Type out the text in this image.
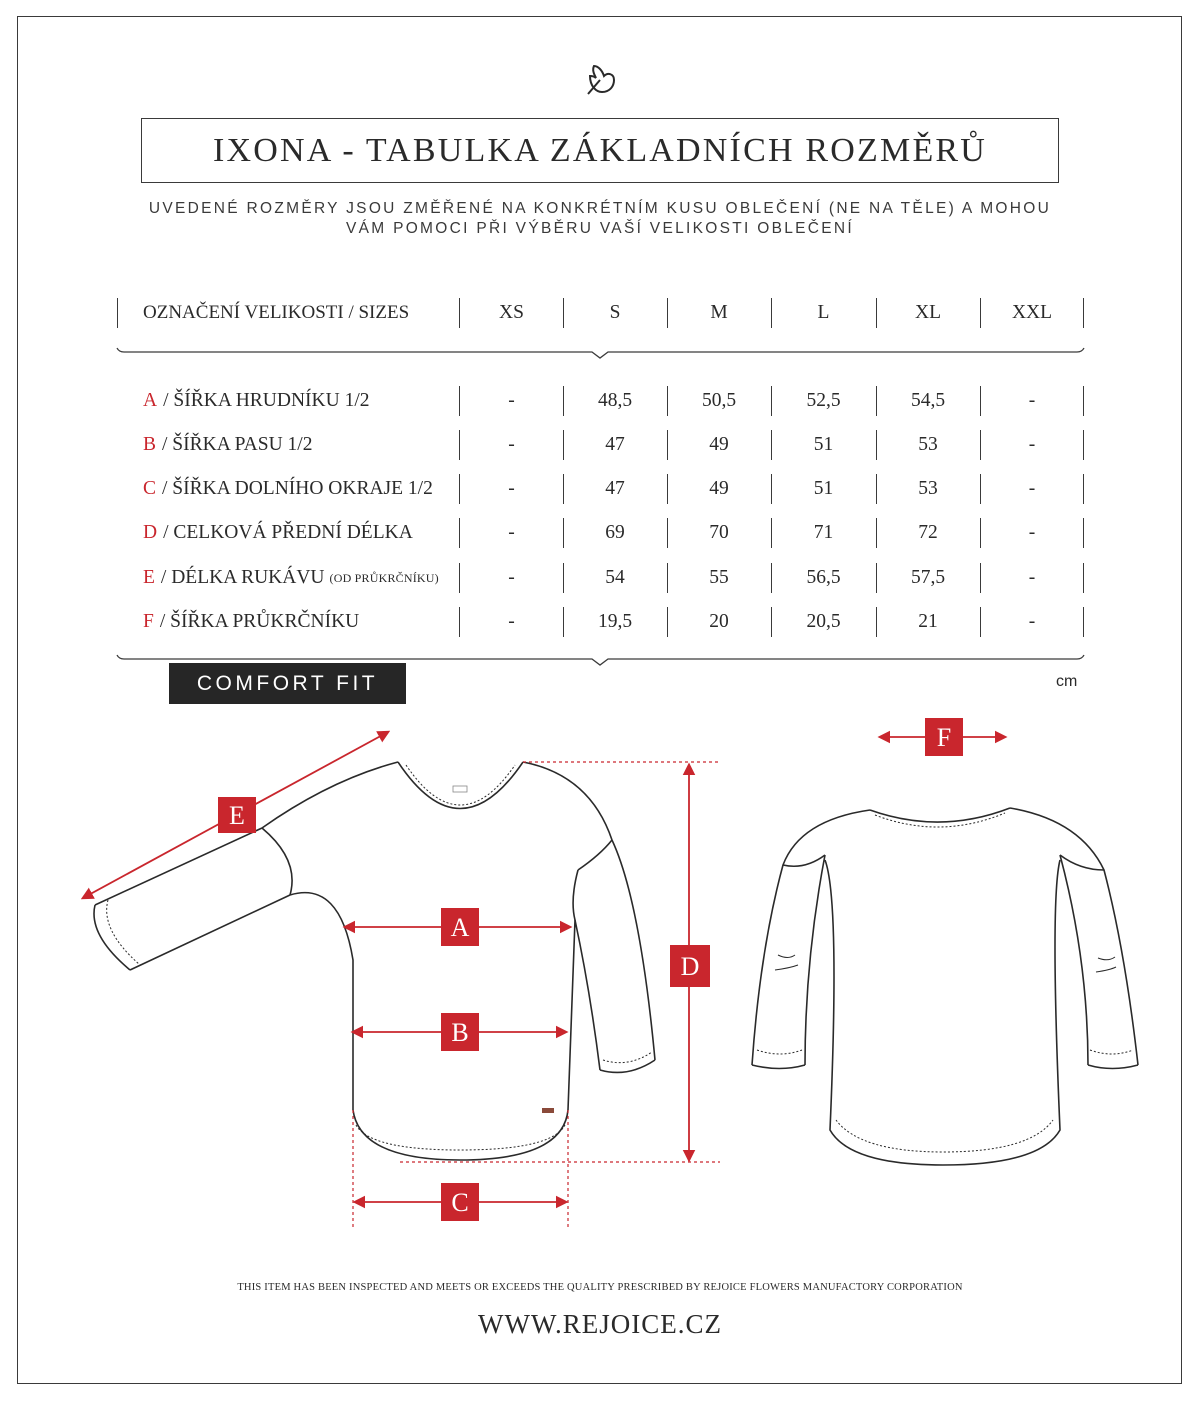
IXONA - TABULKA ZÁKLADNÍCH ROZMĚRŮ
UVEDENÉ ROZMĚRY JSOU ZMĚŘENÉ NA KONKRÉTNÍM KUSU OBLEČENÍ (NE NA TĚLE) A MOHOU
VÁM POMOCI PŘI VÝBĚRU VAŠÍ VELIKOSTI OBLEČENÍ
OZNAČENÍ VELIKOSTI / SIZES	XS	S	M	L	XL	XXL
A / ŠÍŘKA HRUDNÍKU 1/2	-	48,5	50,5	52,5	54,5	-
B / ŠÍŘKA PASU 1/2	-	47	49	51	53	-
C / ŠÍŘKA DOLNÍHO OKRAJE 1/2	-	47	49	51	53	-
D / CELKOVÁ PŘEDNÍ DÉLKA	-	69	70	71	72	-
E / DÉLKA RUKÁVU (OD PRŮKRČNÍKU)	-	54	55	56,5	57,5	-
F / ŠÍŘKA PRŮKRČNÍKU	-	19,5	20	20,5	21	-
COMFORT FIT	cm
E
A
B
C
D
F
THIS ITEM HAS BEEN INSPECTED AND MEETS OR EXCEEDS THE QUALITY PRESCRIBED BY REJOICE FLOWERS MANUFACTORY CORPORATION
WWW.REJOICE.CZ
